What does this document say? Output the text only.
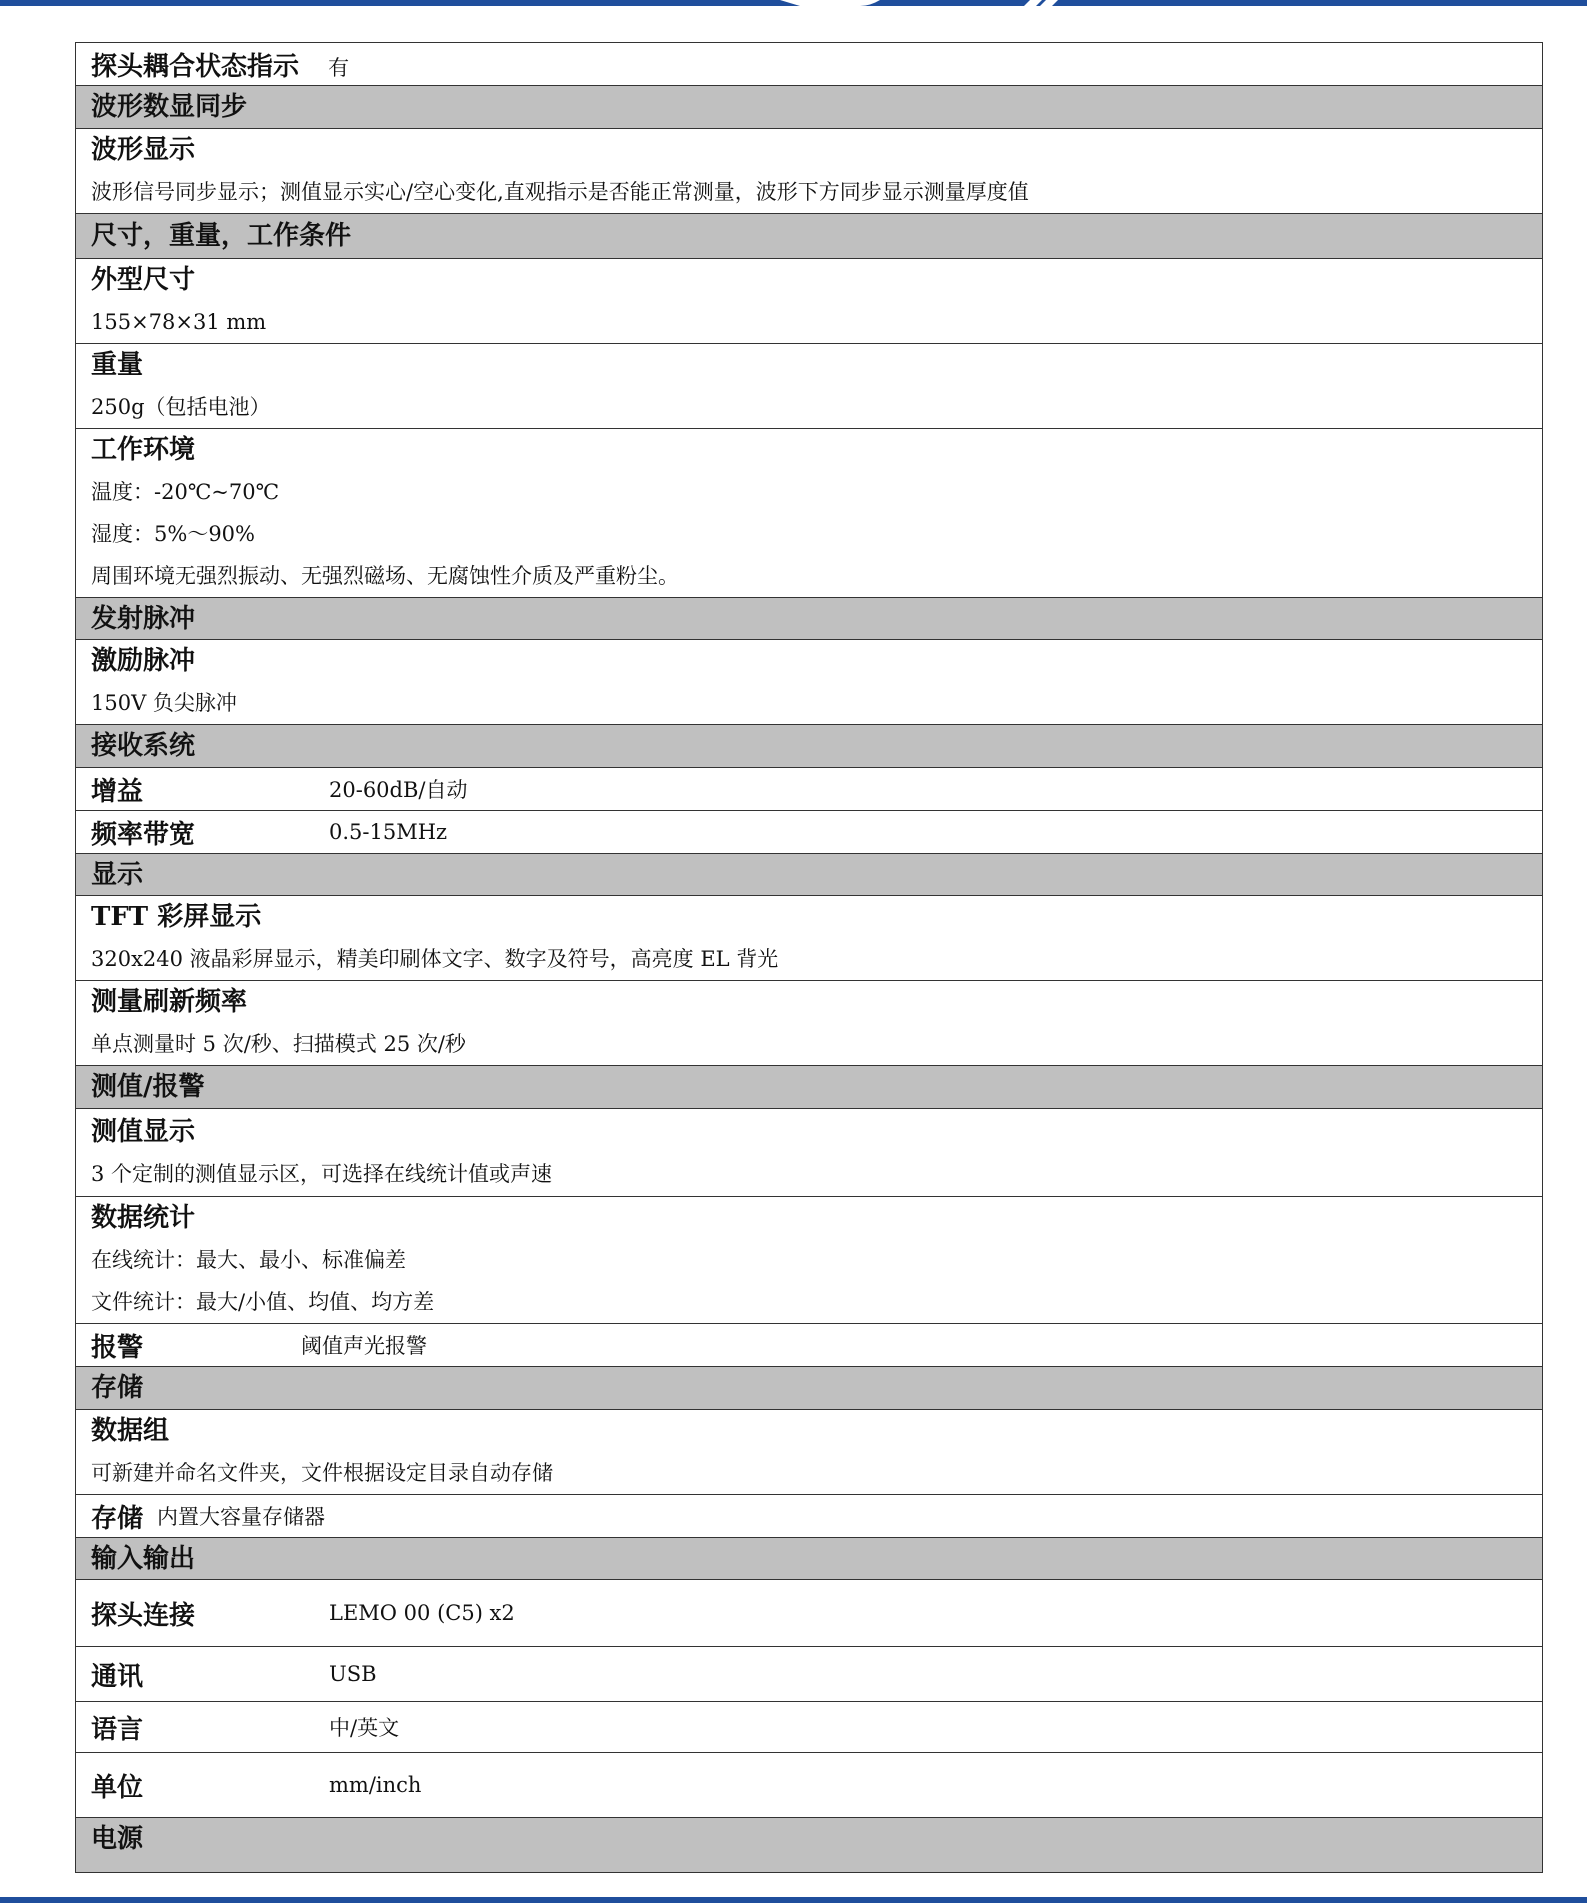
探头耦合状态指示 有

波形数显同步

波形显示
波形信号同步显示；测值显示实心/空心变化,直观指示是否能正常测量，波形下方同步显示测量厚度值

尺寸，重量，工作条件

外型尺寸
155×78×31 mm

重量
250g（包括电池）

工作环境
温度：-20℃~70℃
湿度：5%～90%
周围环境无强烈振动、无强烈磁场、无腐蚀性介质及严重粉尘。

发射脉冲

激励脉冲
150V 负尖脉冲

接收系统

增益	20-60dB/自动

频率带宽	0.5-15MHz

显示

TFT 彩屏显示
320x240 液晶彩屏显示，精美印刷体文字、数字及符号，高亮度 EL 背光

测量刷新频率
单点测量时 5 次/秒、扫描模式 25 次/秒

测值/报警

测值显示
3 个定制的测值显示区，可选择在线统计值或声速

数据统计
在线统计：最大、最小、标准偏差
文件统计：最大/小值、均值、均方差

报警	阈值声光报警

存储

数据组
可新建并命名文件夹，文件根据设定目录自动存储

存储 内置大容量存储器

输入输出

探头连接	LEMO 00 (C5) x2

通讯	USB

语言	中/英文

单位	mm/inch

电源
